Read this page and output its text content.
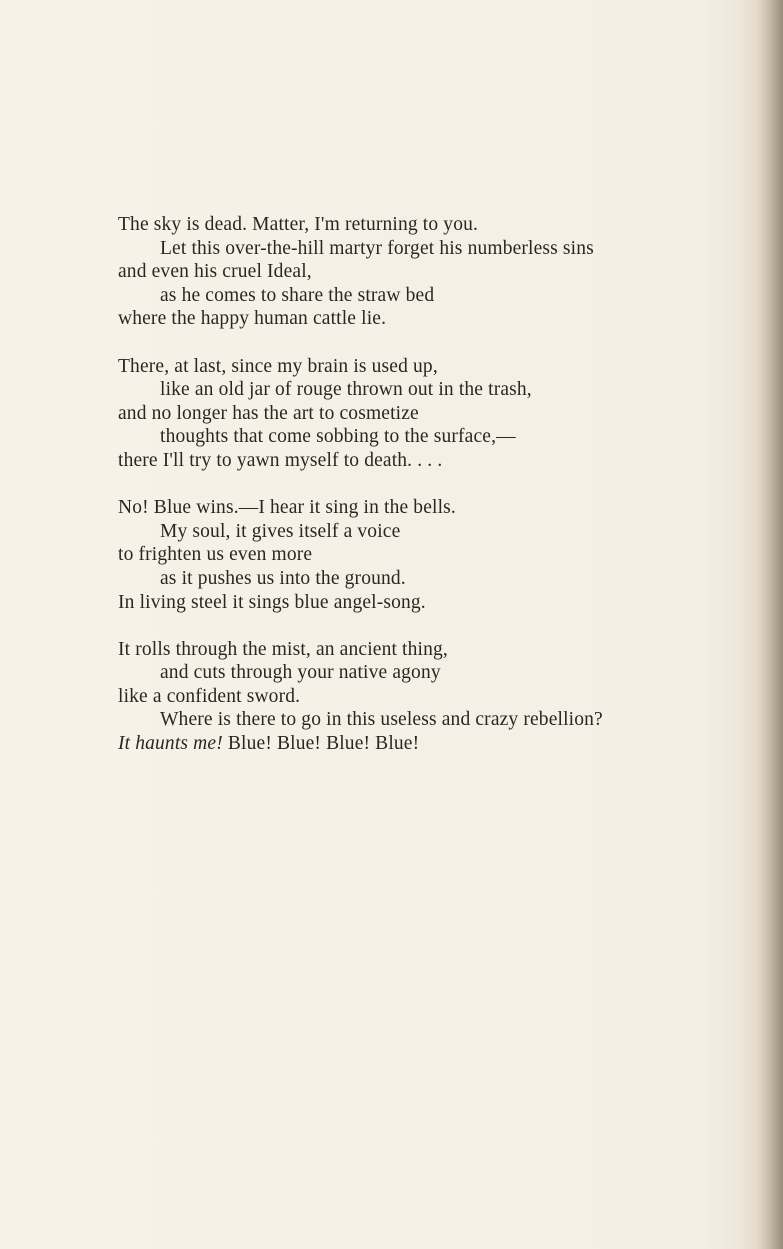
The sky is dead. Matter, I'm returning to you.
Let this over-the-hill martyr forget his numberless sins
and even his cruel Ideal,
as he comes to share the straw bed
where the happy human cattle lie.
There, at last, since my brain is used up,
like an old jar of rouge thrown out in the trash,
and no longer has the art to cosmetize
thoughts that come sobbing to the surface,—
there I'll try to yawn myself to death. . . .
No! Blue wins.—I hear it sing in the bells.
My soul, it gives itself a voice
to frighten us even more
as it pushes us into the ground.
In living steel it sings blue angel-song.
It rolls through the mist, an ancient thing,
and cuts through your native agony
like a confident sword.
Where is there to go in this useless and crazy rebellion?
It haunts me! Blue! Blue! Blue! Blue!
